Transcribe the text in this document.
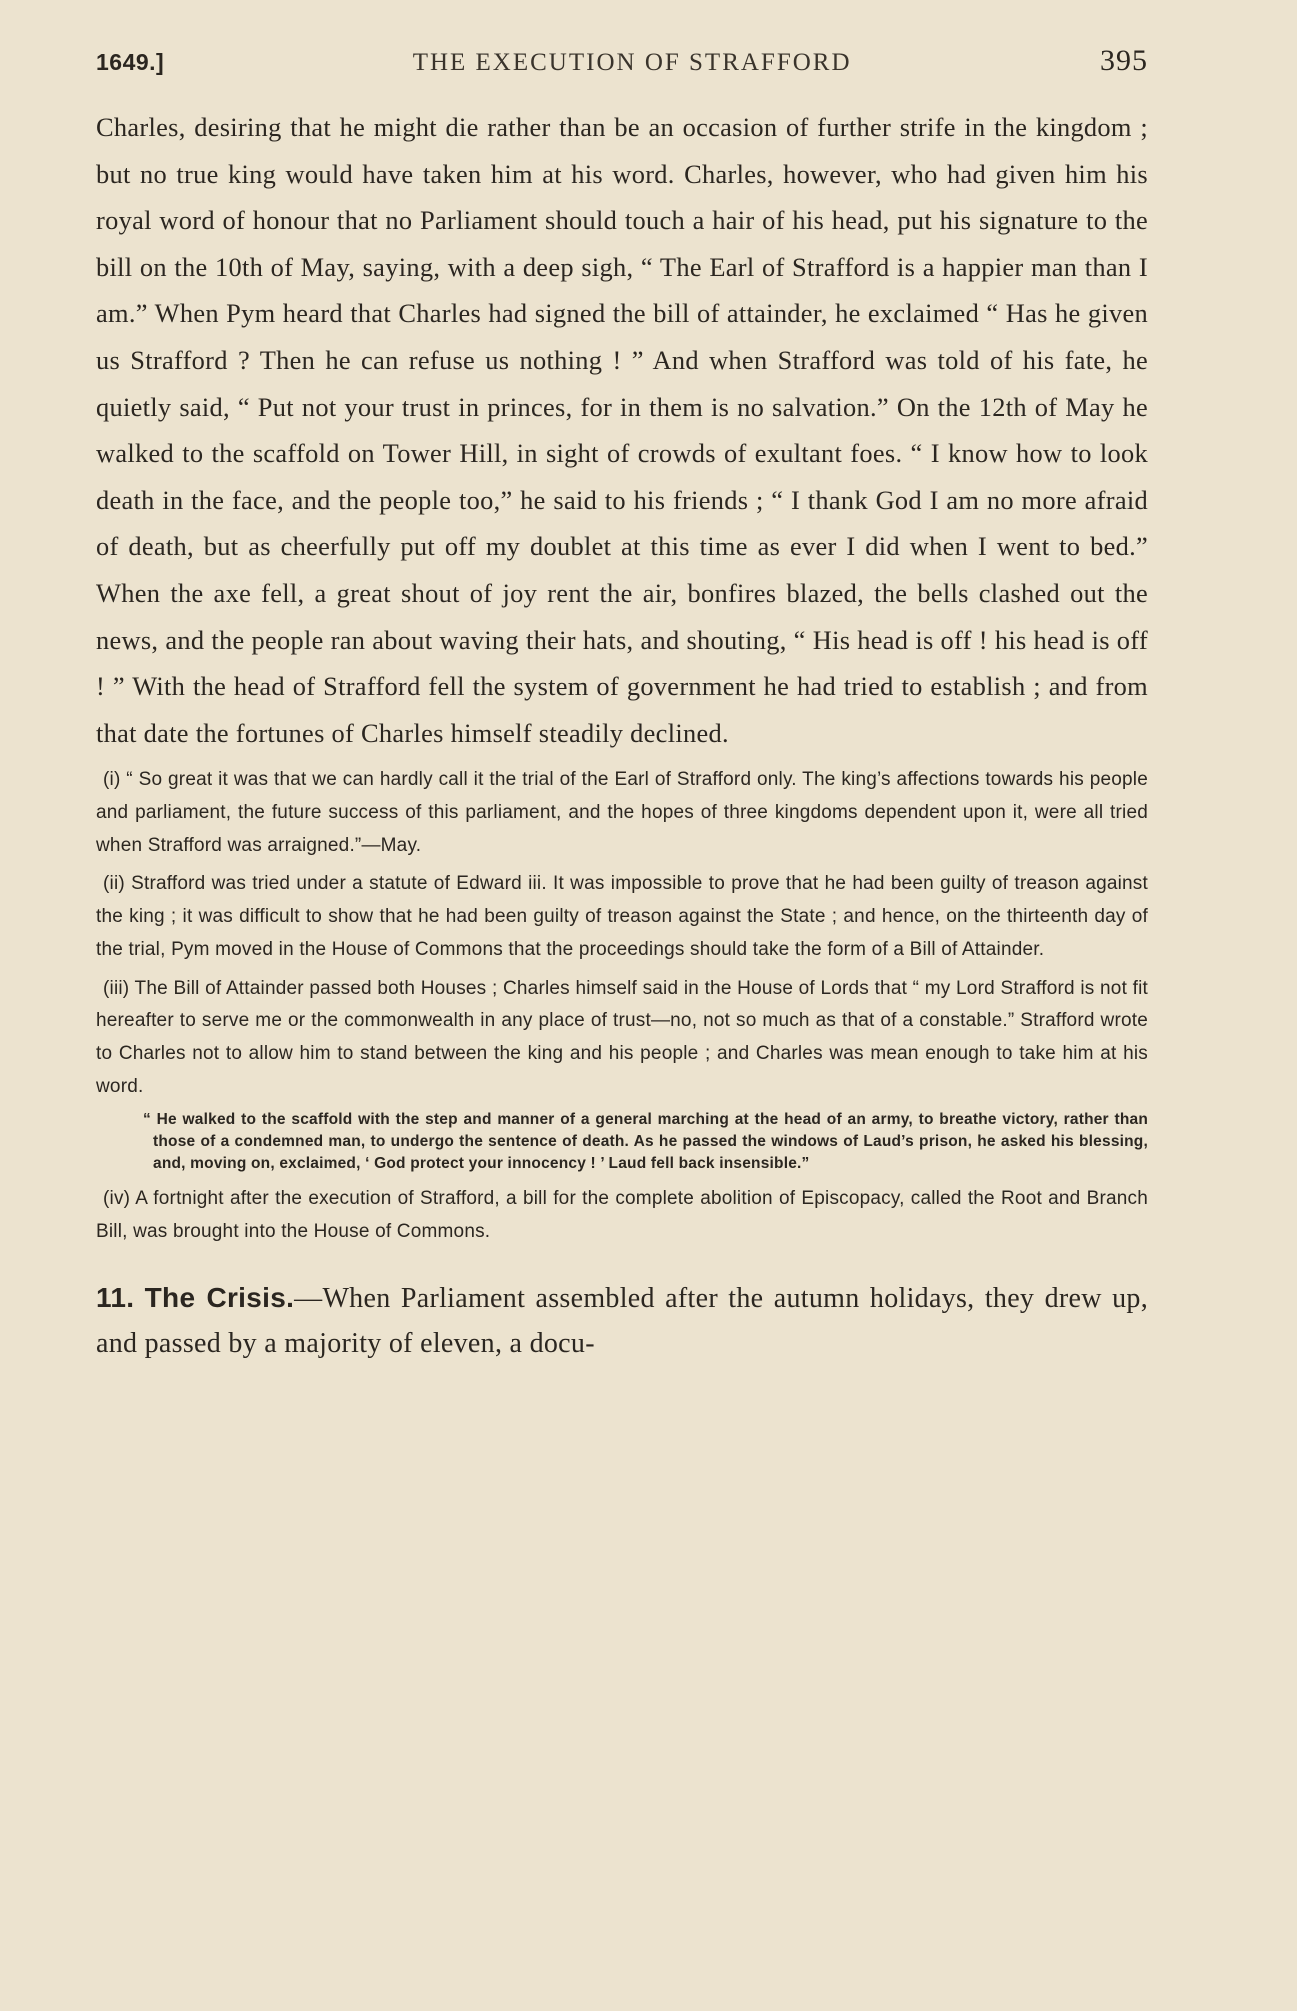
1649.]	THE EXECUTION OF STRAFFORD	395

Charles, desiring that he might die rather than be an occasion of further strife in the kingdom ; but no true king would have taken him at his word. Charles, however, who had given him his royal word of honour that no Parliament should touch a hair of his head, put his signature to the bill on the 10th of May, saying, with a deep sigh, “ The Earl of Strafford is a happier man than I am.” When Pym heard that Charles had signed the bill of attainder, he exclaimed “ Has he given us Strafford ? Then he can refuse us nothing ! ” And when Strafford was told of his fate, he quietly said, “ Put not your trust in princes, for in them is no salvation.” On the 12th of May he walked to the scaffold on Tower Hill, in sight of crowds of exultant foes. “ I know how to look death in the face, and the people too,” he said to his friends ; “ I thank God I am no more afraid of death, but as cheerfully put off my doublet at this time as ever I did when I went to bed.” When the axe fell, a great shout of joy rent the air, bonfires blazed, the bells clashed out the news, and the people ran about waving their hats, and shouting, “ His head is off ! his head is off ! ” With the head of Strafford fell the system of government he had tried to establish ; and from that date the fortunes of Charles himself steadily declined.

(i) “ So great it was that we can hardly call it the trial of the Earl of Strafford only. The king’s affections towards his people and parliament, the future success of this parliament, and the hopes of three kingdoms dependent upon it, were all tried when Strafford was arraigned.”—May.

(ii) Strafford was tried under a statute of Edward iii. It was impossible to prove that he had been guilty of treason against the king ; it was difficult to show that he had been guilty of treason against the State ; and hence, on the thirteenth day of the trial, Pym moved in the House of Commons that the proceedings should take the form of a Bill of Attainder.

(iii) The Bill of Attainder passed both Houses ; Charles himself said in the House of Lords that “ my Lord Strafford is not fit hereafter to serve me or the commonwealth in any place of trust—no, not so much as that of a constable.” Strafford wrote to Charles not to allow him to stand between the king and his people ; and Charles was mean enough to take him at his word.

“ He walked to the scaffold with the step and manner of a general marching at the head of an army, to breathe victory, rather than those of a condemned man, to undergo the sentence of death. As he passed the windows of Laud’s prison, he asked his blessing, and, moving on, exclaimed, ‘ God protect your innocency ! ’ Laud fell back insensible.”

(iv) A fortnight after the execution of Strafford, a bill for the complete abolition of Episcopacy, called the Root and Branch Bill, was brought into the House of Commons.

11. The Crisis.—When Parliament assembled after the autumn holidays, they drew up, and passed by a majority of eleven, a docu-
